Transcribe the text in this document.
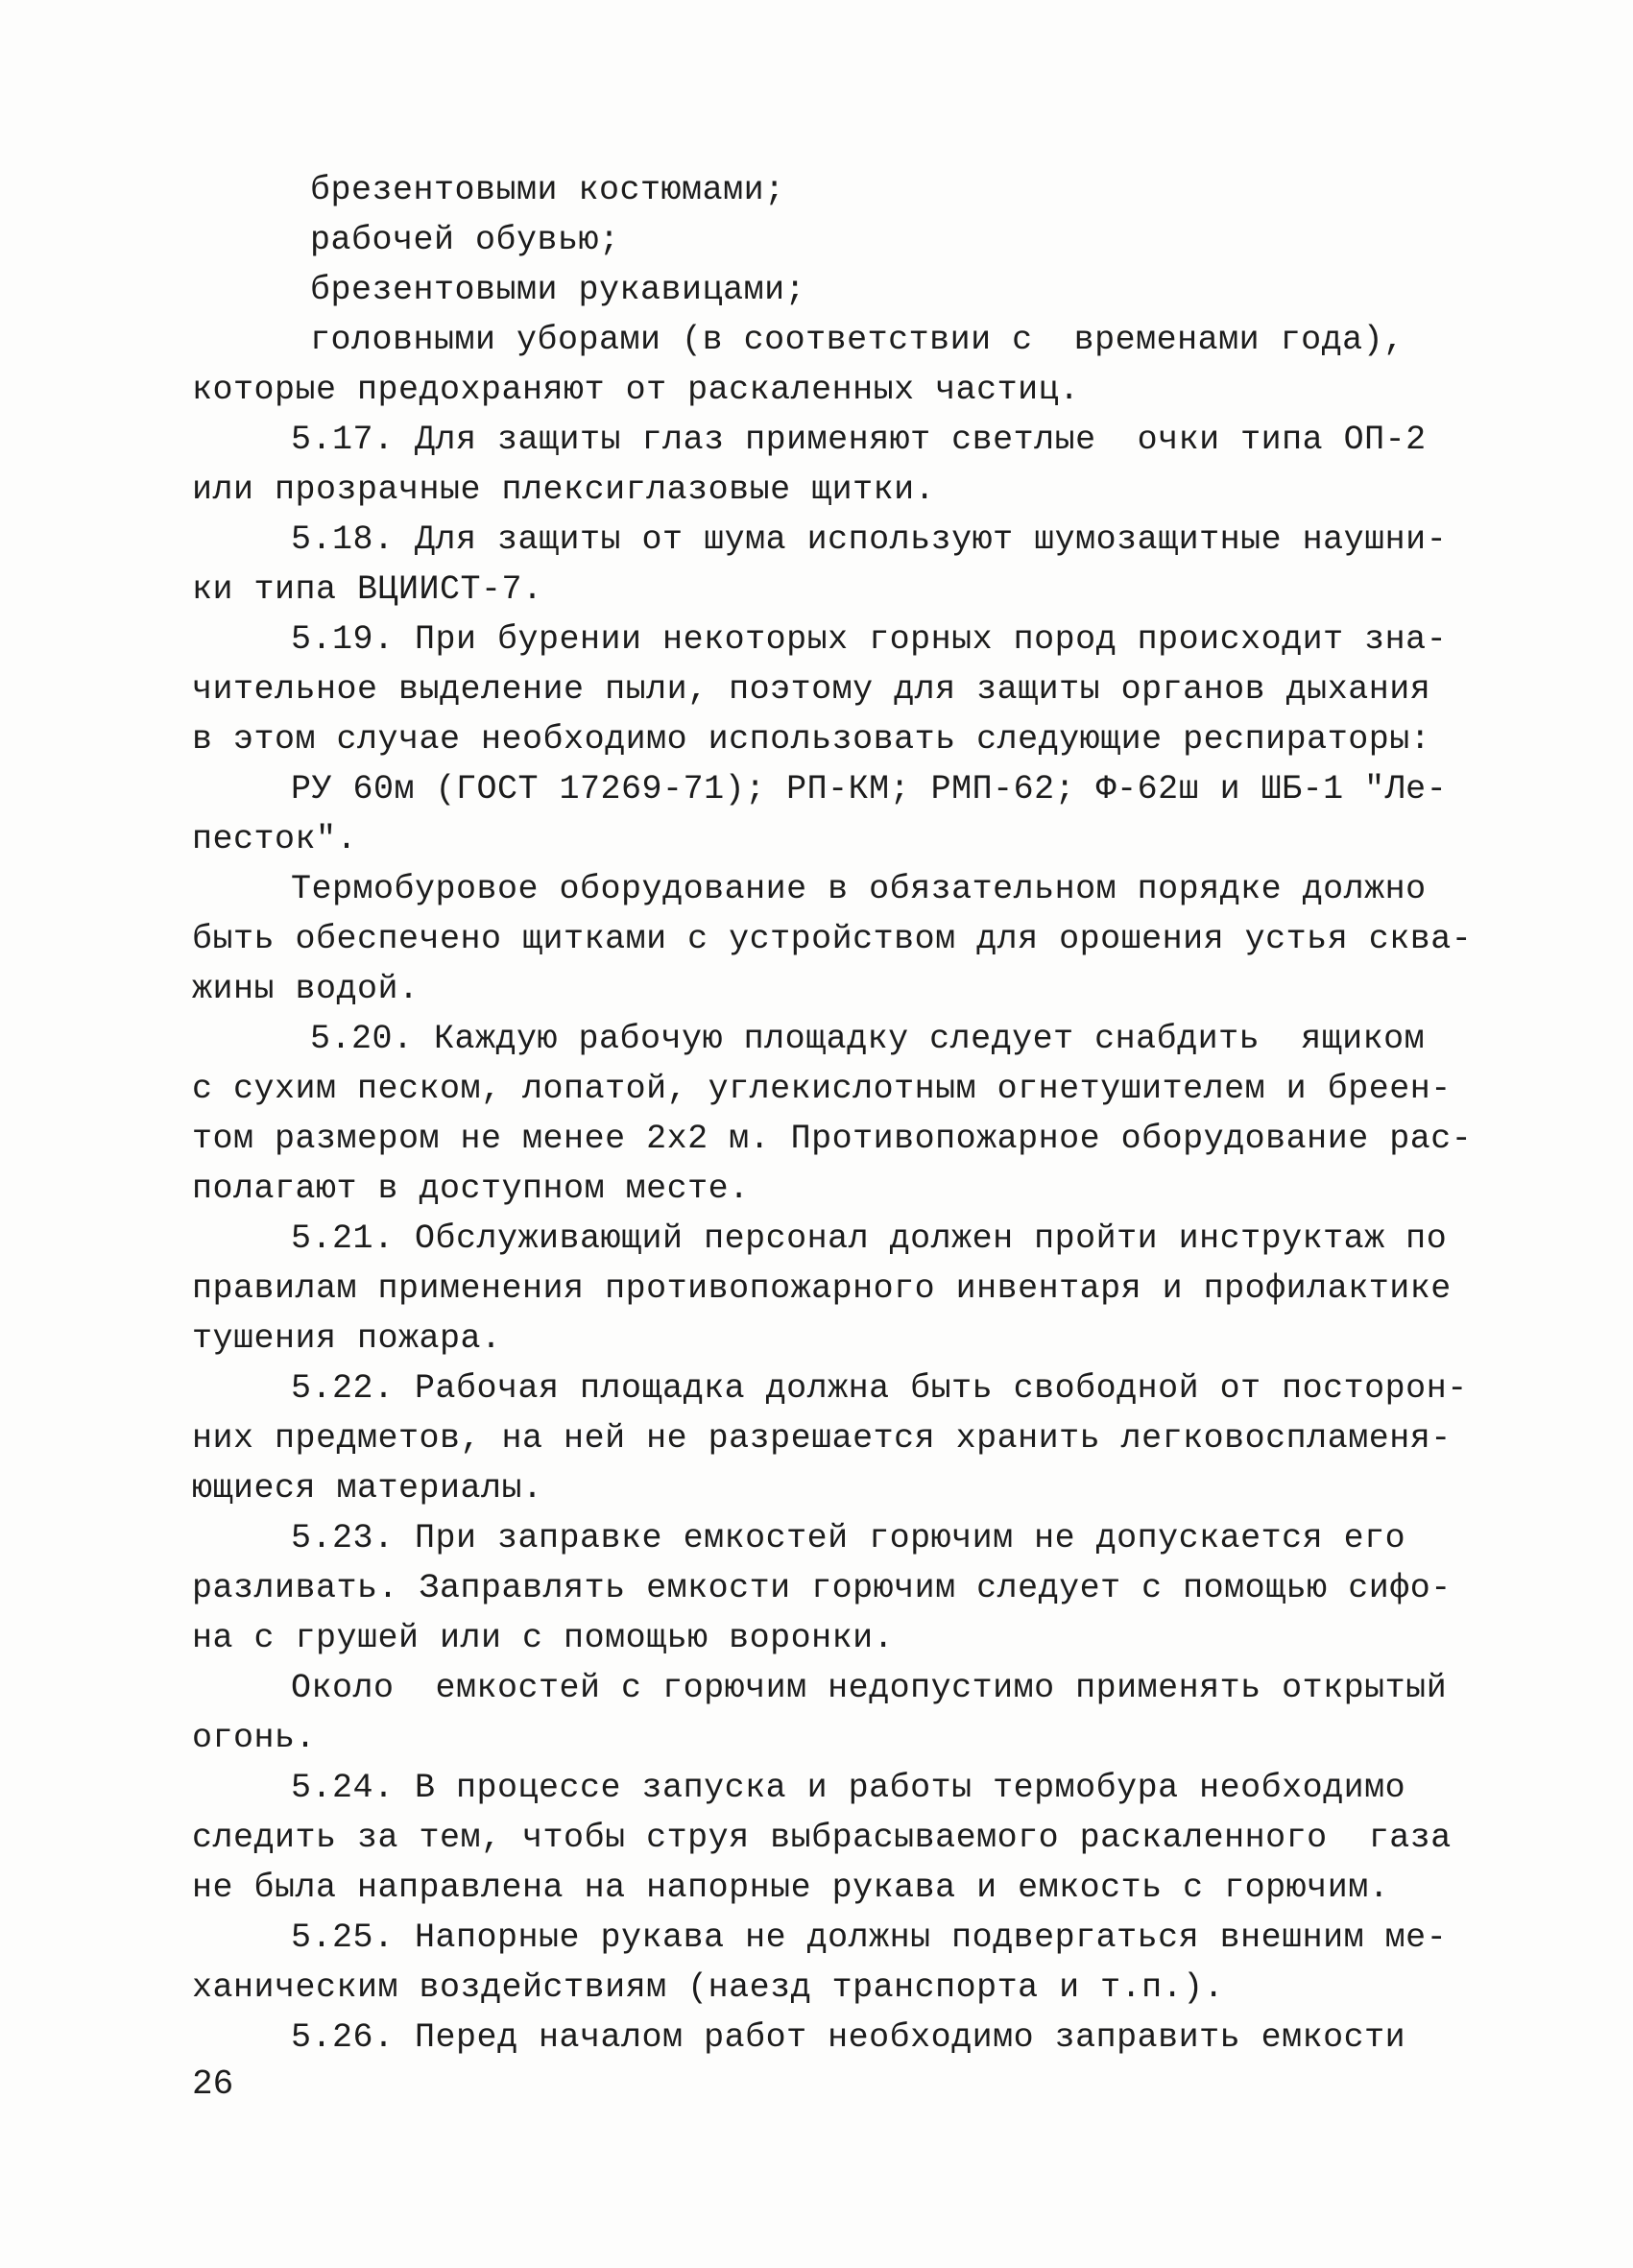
брезентовыми костюмами;
рабочей обувью;
брезентовыми рукавицами;
головными уборами (в соответствии с  временами года),
которые предохраняют от раскаленных частиц.
5.17. Для защиты глаз применяют светлые  очки типа ОП-2
или прозрачные плексиглазовые щитки.
5.18. Для защиты от шума используют шумозащитные наушни-
ки типа ВЦИИСТ-7.
5.19. При бурении некоторых горных пород происходит зна-
чительное выделение пыли, поэтому для защиты органов дыхания
в этом случае необходимо использовать следующие респираторы:
РУ 60м (ГОСТ 17269-71); РП-КМ; РМП-62; Ф-62ш и ШБ-1 "Ле-
песток".
Термобуровое оборудование в обязательном порядке должно
быть обеспечено щитками с устройством для орошения устья сква-
жины водой.
5.20. Каждую рабочую площадку следует снабдить  ящиком
с сухим песком, лопатой, углекислотным огнетушителем и бреен-
том размером не менее 2х2 м. Противопожарное оборудование рас-
полагают в доступном месте.
5.21. Обслуживающий персонал должен пройти инструктаж по
правилам применения противопожарного инвентаря и профилактике
тушения пожара.
5.22. Рабочая площадка должна быть свободной от посторон-
них предметов, на ней не разрешается хранить легковоспламеня-
ющиеся материалы.
5.23. При заправке емкостей горючим не допускается его
разливать. Заправлять емкости горючим следует с помощью сифо-
на с грушей или с помощью воронки.
Около  емкостей с горючим недопустимо применять открытый
огонь.
5.24. В процессе запуска и работы термобура необходимо
следить за тем, чтобы струя выбрасываемого раскаленного  газа
не была направлена на напорные рукава и емкость с горючим.
5.25. Напорные рукава не должны подвергаться внешним ме-
ханическим воздействиям (наезд транспорта и т.п.).
5.26. Перед началом работ необходимо заправить емкости
26
